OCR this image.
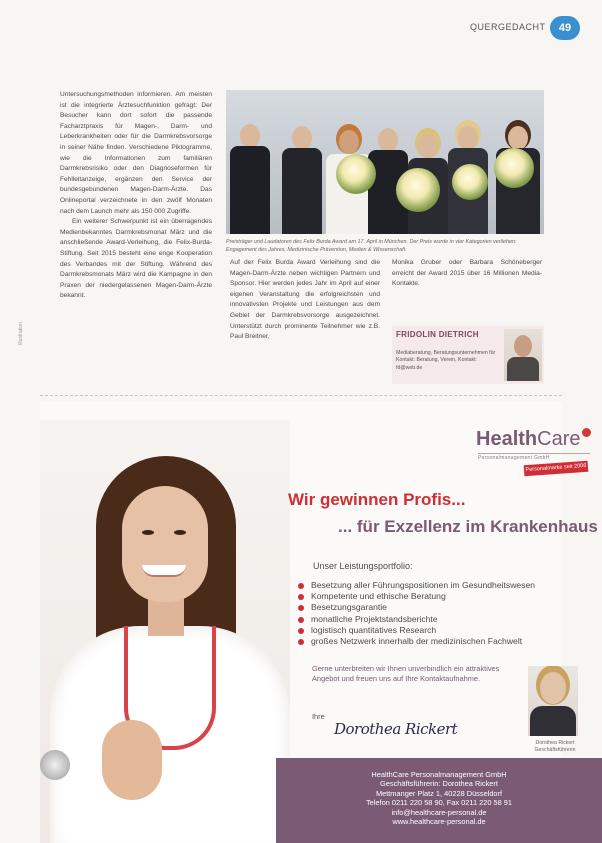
QUERGEDACHT	49

Untersuchungsmethoden informieren. Am meisten ist die integrierte Ärztesuchfunktion gefragt: Der Besucher kann dort sofort die passende Facharztpraxis für Magen-, Darm- und Leberkrankheiten oder für die Darmkrebsvorsorge in seiner Nähe finden. Verschiedene Piktogramme, wie die Informationen zum familiären Darmkrebsrisiko oder den Diagnoseformen für Fehlleitanzeige, ergänzen den Service der bundesgebundenen Magen-Darm-Ärzte. Das Onlineportal verzeichnete in den zwölf Monaten nach dem Launch mehr als 150 000 Zugriffe.

Ein weiterer Schwerpunkt ist ein überragendes Medienbekanntes Darmkrebsmonat März und die anschließende Award-Verleihung, die Felix-Burda-Stiftung. Seit 2015 besteht eine enge Kooperation des Verbandes mit der Stiftung. Während des Darmkrebsmonats März wird die Kampagne in den Praxen der niedergelassenen Magen-Darm-Ärzte bekannt.

Illustration
Preisträger und Laudatoren des Felix Burda Award am 17. April in München. Der Preis wurde in vier Kategorien verliehen: Engagement des Jahres, Medizinische Prävention, Medien & Wissenschaft.

Auf der Felix Burda Award Verleihung sind die Magen-Darm-Ärzte neben wichtigen Partnern und Sponsor. Hier werden jedes Jahr im April auf einer eigenen Veranstaltung die erfolgreichsten und innovativsten Projekte und Leistungen aus dem Gebiet der Darmkrebsvorsorge ausgezeichnet. Unterstützt durch prominente Teilnehmer wie z.B. Paul Breitner,

Monika Gruber oder Barbara Schöneberger erreicht der Award 2015 über 16 Millionen Media-Kontakte.

FRIDOLIN DIETRICH
Mediaberatung, Beratungsunternehmen für Kontakt: Beratung, Verein, Kontakt: fd@web.de
HealthCare
Personalmanagement GmbH
Personalmarke seit 2006
Wir gewinnen Profis...
... für Exzellenz im Krankenhaus
Unser Leistungsportfolio:
Besetzung aller Führungspositionen im Gesundheitswesen
Kompetente und ethische Beratung
Besetzungsgarantie
monatliche Projektstandsberichte
logistisch quantitatives Research
großes Netzwerk innerhalb der medizinischen Fachwelt
Gerne unterbreiten wir Ihnen unverbindlich ein attraktives Angebot und freuen uns auf Ihre Kontaktaufnahme.
Ihre
Dorothea Rickert
Dorothea Rickert
Geschäftsführerin
HealthCare Personalmanagement GmbH
Geschäftsführerin: Dorothea Rickert
Mettmanger Platz 1, 40228 Düsseldorf
Telefon 0211 220 58 90, Fax 0211 220 58 91
info@healthcare-personal.de
www.healthcare-personal.de
